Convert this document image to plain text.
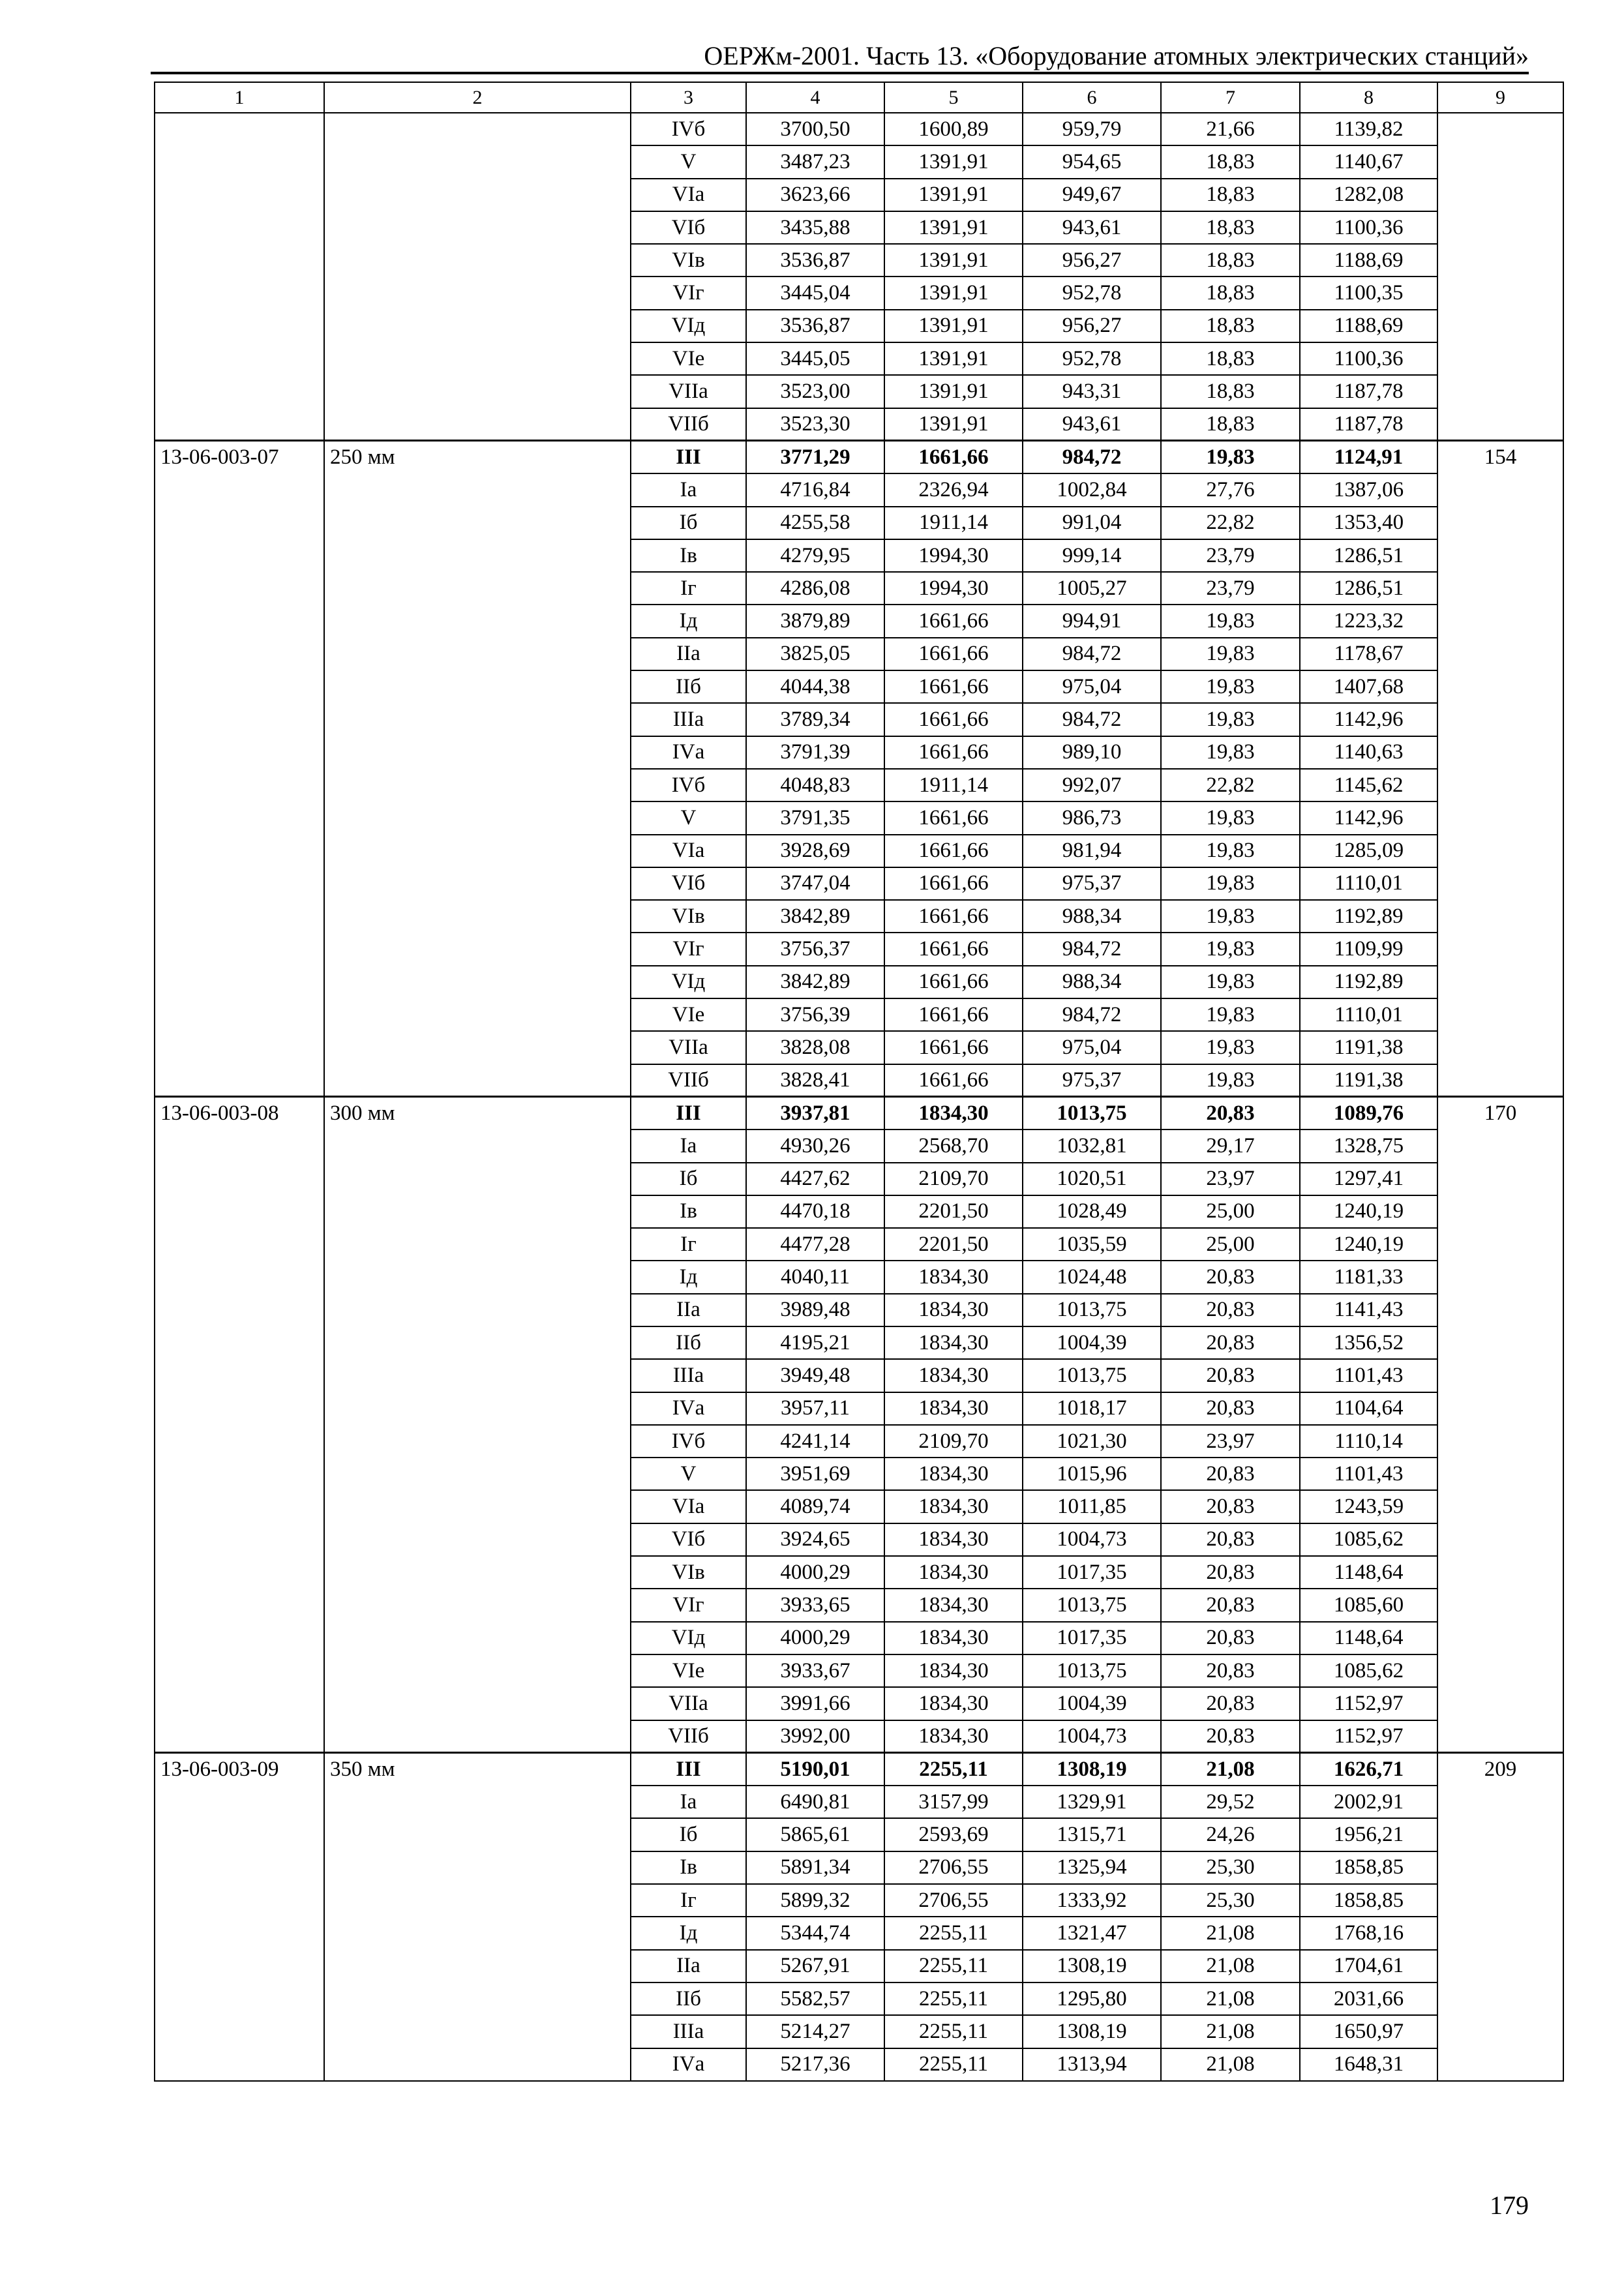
ОЕРЖм-2001. Часть 13. «Оборудование атомных электрических станций»
1	2	3	4	5	6	7	8	9
		IVб	3700,50	1600,89	959,79	21,66	1139,82	
		V	3487,23	1391,91	954,65	18,83	1140,67	
		VIа	3623,66	1391,91	949,67	18,83	1282,08	
		VIб	3435,88	1391,91	943,61	18,83	1100,36	
		VIв	3536,87	1391,91	956,27	18,83	1188,69	
		VIг	3445,04	1391,91	952,78	18,83	1100,35	
		VIд	3536,87	1391,91	956,27	18,83	1188,69	
		VIе	3445,05	1391,91	952,78	18,83	1100,36	
		VIIа	3523,00	1391,91	943,31	18,83	1187,78	
		VIIб	3523,30	1391,91	943,61	18,83	1187,78	
13-06-003-07	250 мм	III	3771,29	1661,66	984,72	19,83	1124,91	154
		Iа	4716,84	2326,94	1002,84	27,76	1387,06	
		Iб	4255,58	1911,14	991,04	22,82	1353,40	
		Iв	4279,95	1994,30	999,14	23,79	1286,51	
		Iг	4286,08	1994,30	1005,27	23,79	1286,51	
		Iд	3879,89	1661,66	994,91	19,83	1223,32	
		IIа	3825,05	1661,66	984,72	19,83	1178,67	
		IIб	4044,38	1661,66	975,04	19,83	1407,68	
		IIIа	3789,34	1661,66	984,72	19,83	1142,96	
		IVа	3791,39	1661,66	989,10	19,83	1140,63	
		IVб	4048,83	1911,14	992,07	22,82	1145,62	
		V	3791,35	1661,66	986,73	19,83	1142,96	
		VIа	3928,69	1661,66	981,94	19,83	1285,09	
		VIб	3747,04	1661,66	975,37	19,83	1110,01	
		VIв	3842,89	1661,66	988,34	19,83	1192,89	
		VIг	3756,37	1661,66	984,72	19,83	1109,99	
		VIд	3842,89	1661,66	988,34	19,83	1192,89	
		VIе	3756,39	1661,66	984,72	19,83	1110,01	
		VIIа	3828,08	1661,66	975,04	19,83	1191,38	
		VIIб	3828,41	1661,66	975,37	19,83	1191,38	
13-06-003-08	300 мм	III	3937,81	1834,30	1013,75	20,83	1089,76	170
		Iа	4930,26	2568,70	1032,81	29,17	1328,75	
		Iб	4427,62	2109,70	1020,51	23,97	1297,41	
		Iв	4470,18	2201,50	1028,49	25,00	1240,19	
		Iг	4477,28	2201,50	1035,59	25,00	1240,19	
		Iд	4040,11	1834,30	1024,48	20,83	1181,33	
		IIа	3989,48	1834,30	1013,75	20,83	1141,43	
		IIб	4195,21	1834,30	1004,39	20,83	1356,52	
		IIIа	3949,48	1834,30	1013,75	20,83	1101,43	
		IVа	3957,11	1834,30	1018,17	20,83	1104,64	
		IVб	4241,14	2109,70	1021,30	23,97	1110,14	
		V	3951,69	1834,30	1015,96	20,83	1101,43	
		VIа	4089,74	1834,30	1011,85	20,83	1243,59	
		VIб	3924,65	1834,30	1004,73	20,83	1085,62	
		VIв	4000,29	1834,30	1017,35	20,83	1148,64	
		VIг	3933,65	1834,30	1013,75	20,83	1085,60	
		VIд	4000,29	1834,30	1017,35	20,83	1148,64	
		VIе	3933,67	1834,30	1013,75	20,83	1085,62	
		VIIа	3991,66	1834,30	1004,39	20,83	1152,97	
		VIIб	3992,00	1834,30	1004,73	20,83	1152,97	
13-06-003-09	350 мм	III	5190,01	2255,11	1308,19	21,08	1626,71	209
		Iа	6490,81	3157,99	1329,91	29,52	2002,91	
		Iб	5865,61	2593,69	1315,71	24,26	1956,21	
		Iв	5891,34	2706,55	1325,94	25,30	1858,85	
		Iг	5899,32	2706,55	1333,92	25,30	1858,85	
		Iд	5344,74	2255,11	1321,47	21,08	1768,16	
		IIа	5267,91	2255,11	1308,19	21,08	1704,61	
		IIб	5582,57	2255,11	1295,80	21,08	2031,66	
		IIIа	5214,27	2255,11	1308,19	21,08	1650,97	
		IVа	5217,36	2255,11	1313,94	21,08	1648,31	
179
